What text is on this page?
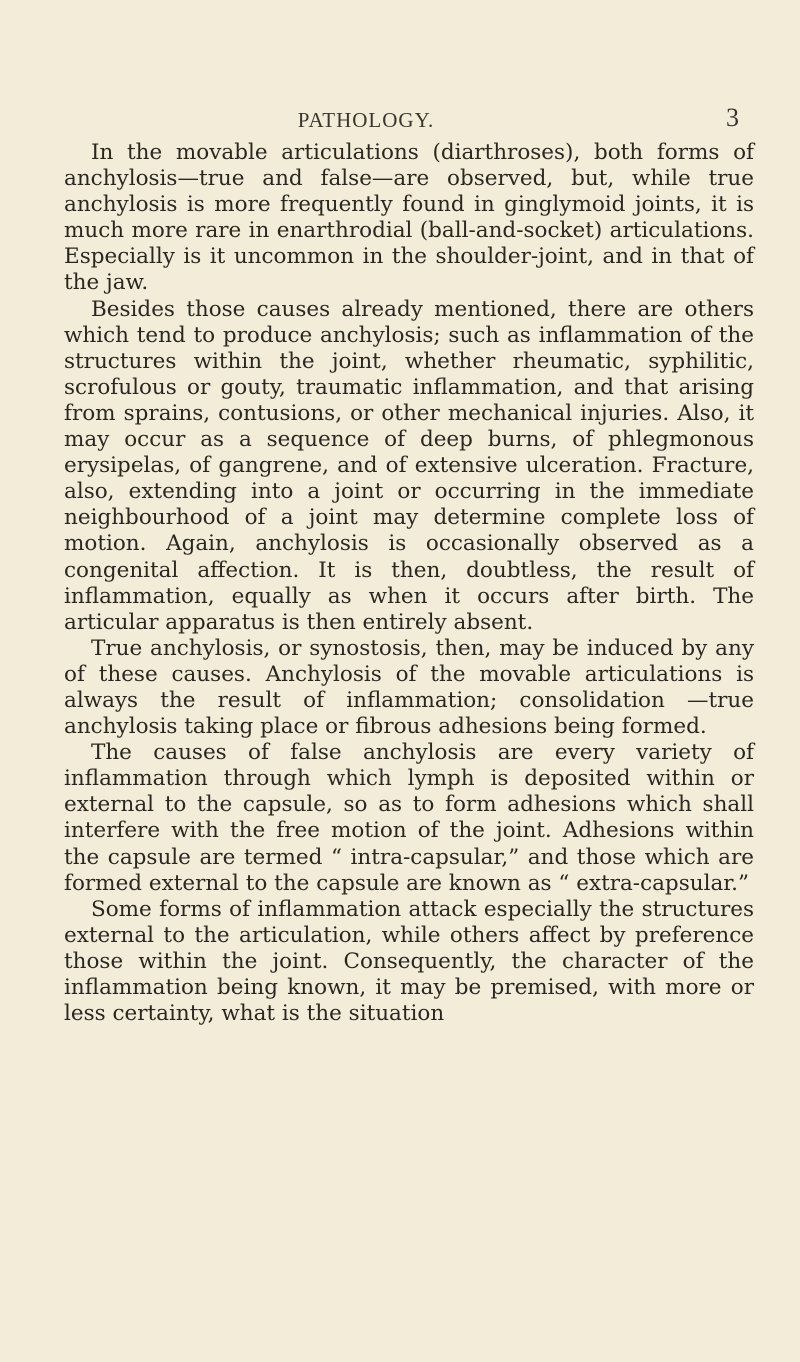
PATHOLOGY.	3

In the movable articulations (diarthroses), both forms of anchylosis—true and false—are observed, but, while true anchylosis is more frequently found in ginglymoid joints, it is much more rare in enarthrodial (ball-and-socket) articulations. Especially is it uncommon in the shoulder-joint, and in that of the jaw.

Besides those causes already mentioned, there are others which tend to produce anchylosis; such as inflammation of the structures within the joint, whether rheumatic, syphilitic, scrofulous or gouty, traumatic inflammation, and that arising from sprains, contusions, or other mechanical injuries. Also, it may occur as a sequence of deep burns, of phlegmonous erysipelas, of gangrene, and of extensive ulceration. Fracture, also, extending into a joint or occurring in the immediate neighbourhood of a joint may determine complete loss of motion. Again, anchylosis is occasionally observed as a congenital affection. It is then, doubtless, the result of inflammation, equally as when it occurs after birth. The articular apparatus is then entirely absent.

True anchylosis, or synostosis, then, may be induced by any of these causes. Anchylosis of the movable articulations is always the result of inflammation; consolidation —true anchylosis taking place or fibrous adhesions being formed.

The causes of false anchylosis are every variety of inflammation through which lymph is deposited within or external to the capsule, so as to form adhesions which shall interfere with the free motion of the joint. Adhesions within the capsule are termed “ intra-capsular,” and those which are formed external to the capsule are known as “ extra-capsular.”

Some forms of inflammation attack especially the structures external to the articulation, while others affect by preference those within the joint. Consequently, the character of the inflammation being known, it may be premised, with more or less certainty, what is the situation
